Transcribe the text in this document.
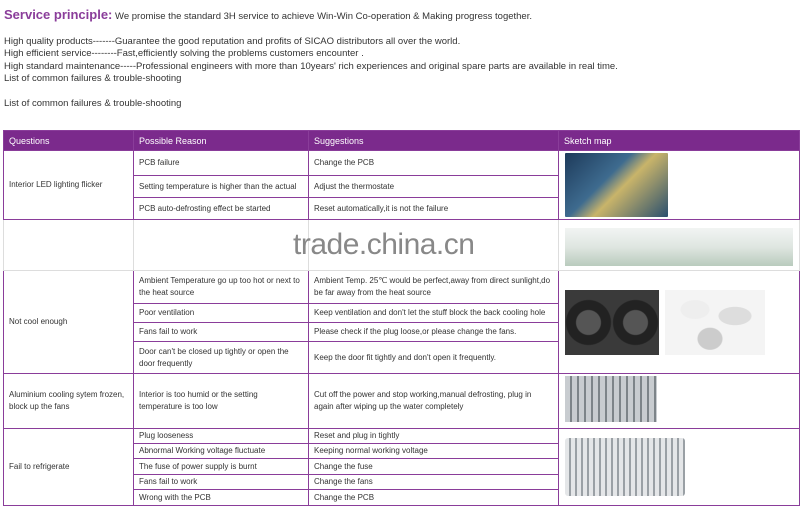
Service principle: We promise the standard 3H service to achieve Win-Win Co-operation & Making progress together.

High quality products-------Guarantee the good reputation and profits of SICAO distributors all over the world.

High efficient service--------Fast,efficiently solving the problems customers encounter .

High standard maintenance-----Professional engineers with more than 10years' rich experiences and original spare parts are available in real time.

List of common failures & trouble-shooting

List of common failures & trouble-shooting

Questions	Possible Reason	Suggestions	Sketch map
Interior LED lighting flicker	PCB failure	Change the PCB	

	Setting temperature is higher than the actual	Adjust the thermostate	
	PCB auto-defrosting effect be started	Reset automatically,it is not the failure	

Not cool enough	Ambient Temperature go up too hot or next to the heat source	Ambient Temp. 25℃ would be perfect,away from direct sunlight,do be far away from the heat source	

	Poor ventilation	Keep ventilation and don't let the stuff block the back cooling hole	
	Fans fail to work	Please check if the plug loose,or please change the fans.	
	Door can't be closed up tightly or open the door frequently	Keep the door fit tightly and don't open it frequently.	
Aluminium cooling sytem frozen, block up the fans	Interior is too humid or the setting temperature is too low	Cut off the power and stop working,manual defrosting, plug in again after wiping up the water completely	

Fail to refrigerate	Plug looseness	Reset and plug in tightly	

	Abnormal Working voltage fluctuate	Keeping normal working voltage	
	The fuse of power supply is burnt	Change the fuse	
	Fans fail to work	Change the fans	
	Wrong with the PCB	Change the PCB	
trade.china.cn
